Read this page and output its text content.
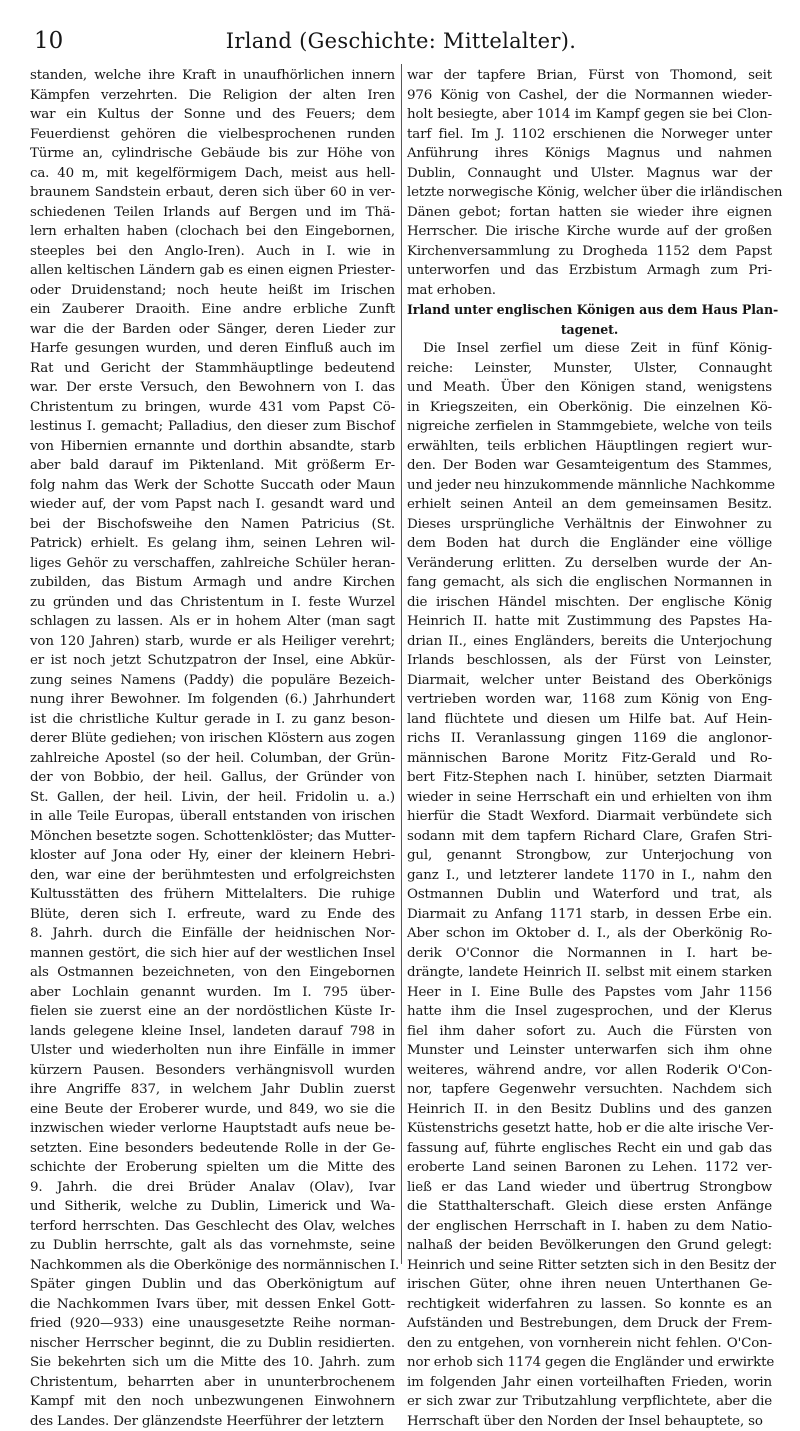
10	Irland (Geschichte: Mittelalter).
standen, welche ihre Kraft in unaufhörlichen innern
Kämpfen verzehrten. Die Religion der alten Iren
war ein Kultus der Sonne und des Feuers; dem
Feuerdienst gehören die vielbesprochenen runden
Türme an, cylindrische Gebäude bis zur Höhe von
ca. 40 m, mit kegelförmigem Dach, meist aus hell-
braunem Sandstein erbaut, deren sich über 60 in ver-
schiedenen Teilen Irlands auf Bergen und im Thä-
lern erhalten haben (clochach bei den Eingebornen,
steeples bei den Anglo-Iren). Auch in I. wie in
allen keltischen Ländern gab es einen eignen Priester-
oder Druidenstand; noch heute heißt im Irischen
ein Zauberer Draoith. Eine andre erbliche Zunft
war die der Barden oder Sänger, deren Lieder zur
Harfe gesungen wurden, und deren Einfluß auch im
Rat und Gericht der Stammhäuptlinge bedeutend
war. Der erste Versuch, den Bewohnern von I. das
Christentum zu bringen, wurde 431 vom Papst Cö-
lestinus I. gemacht; Palladius, den dieser zum Bischof
von Hibernien ernannte und dorthin absandte, starb
aber bald darauf im Piktenland. Mit größerm Er-
folg nahm das Werk der Schotte Succath oder Maun
wieder auf, der vom Papst nach I. gesandt ward und
bei der Bischofsweihe den Namen Patricius (St.
Patrick) erhielt. Es gelang ihm, seinen Lehren wil-
liges Gehör zu verschaffen, zahlreiche Schüler heran-
zubilden, das Bistum Armagh und andre Kirchen
zu gründen und das Christentum in I. feste Wurzel
schlagen zu lassen. Als er in hohem Alter (man sagt
von 120 Jahren) starb, wurde er als Heiliger verehrt;
er ist noch jetzt Schutzpatron der Insel, eine Abkür-
zung seines Namens (Paddy) die populäre Bezeich-
nung ihrer Bewohner. Im folgenden (6.) Jahrhundert
ist die christliche Kultur gerade in I. zu ganz beson-
derer Blüte gediehen; von irischen Klöstern aus zogen
zahlreiche Apostel (so der heil. Columban, der Grün-
der von Bobbio, der heil. Gallus, der Gründer von
St. Gallen, der heil. Livin, der heil. Fridolin u. a.)
in alle Teile Europas, überall entstanden von irischen
Mönchen besetzte sogen. Schottenklöster; das Mutter-
kloster auf Jona oder Hy, einer der kleinern Hebri-
den, war eine der berühmtesten und erfolgreichsten
Kultusstätten des frühern Mittelalters. Die ruhige
Blüte, deren sich I. erfreute, ward zu Ende des
8. Jahrh. durch die Einfälle der heidnischen Nor-
mannen gestört, die sich hier auf der westlichen Insel
als Ostmannen bezeichneten, von den Eingebornen
aber Lochlain genannt wurden. Im I. 795 über-
fielen sie zuerst eine an der nordöstlichen Küste Ir-
lands gelegene kleine Insel, landeten darauf 798 in
Ulster und wiederholten nun ihre Einfälle in immer
kürzern Pausen. Besonders verhängnisvoll wurden
ihre Angriffe 837, in welchem Jahr Dublin zuerst
eine Beute der Eroberer wurde, und 849, wo sie die
inzwischen wieder verlorne Hauptstadt aufs neue be-
setzten. Eine besonders bedeutende Rolle in der Ge-
schichte der Eroberung spielten um die Mitte des
9. Jahrh. die drei Brüder Analav (Olav), Ivar
und Sitherik, welche zu Dublin, Limerick und Wa-
terford herrschten. Das Geschlecht des Olav, welches
zu Dublin herrschte, galt als das vornehmste, seine
Nachkommen als die Oberkönige des normännischen I.
Später gingen Dublin und das Oberkönigtum auf
die Nachkommen Ivars über, mit dessen Enkel Gott-
fried (920—933) eine unausgesetzte Reihe norman-
nischer Herrscher beginnt, die zu Dublin residierten.
Sie bekehrten sich um die Mitte des 10. Jahrh. zum
Christentum, beharrten aber in ununterbrochenem
Kampf mit den noch unbezwungenen Einwohnern
des Landes. Der glänzendste Heerführer der letztern
war der tapfere Brian, Fürst von Thomond, seit
976 König von Cashel, der die Normannen wieder-
holt besiegte, aber 1014 im Kampf gegen sie bei Clon-
tarf fiel. Im J. 1102 erschienen die Norweger unter
Anführung ihres Königs Magnus und nahmen
Dublin, Connaught und Ulster. Magnus war der
letzte norwegische König, welcher über die irländischen
Dänen gebot; fortan hatten sie wieder ihre eignen
Herrscher. Die irische Kirche wurde auf der großen
Kirchenversammlung zu Drogheda 1152 dem Papst
unterworfen und das Erzbistum Armagh zum Pri-
mat erhoben.
Irland unter englischen Königen aus dem Haus Plan-
tagenet.
Die Insel zerfiel um diese Zeit in fünf König-
reiche: Leinster, Munster, Ulster, Connaught
und Meath. Über den Königen stand, wenigstens
in Kriegszeiten, ein Oberkönig. Die einzelnen Kö-
nigreiche zerfielen in Stammgebiete, welche von teils
erwählten, teils erblichen Häuptlingen regiert wur-
den. Der Boden war Gesamteigentum des Stammes,
und jeder neu hinzukommende männliche Nachkomme
erhielt seinen Anteil an dem gemeinsamen Besitz.
Dieses ursprüngliche Verhältnis der Einwohner zu
dem Boden hat durch die Engländer eine völlige
Veränderung erlitten. Zu derselben wurde der An-
fang gemacht, als sich die englischen Normannen in
die irischen Händel mischten. Der englische König
Heinrich II. hatte mit Zustimmung des Papstes Ha-
drian II., eines Engländers, bereits die Unterjochung
Irlands beschlossen, als der Fürst von Leinster,
Diarmait, welcher unter Beistand des Oberkönigs
vertrieben worden war, 1168 zum König von Eng-
land flüchtete und diesen um Hilfe bat. Auf Hein-
richs II. Veranlassung gingen 1169 die anglonor-
männischen Barone Moritz Fitz-Gerald und Ro-
bert Fitz-Stephen nach I. hinüber, setzten Diarmait
wieder in seine Herrschaft ein und erhielten von ihm
hierfür die Stadt Wexford. Diarmait verbündete sich
sodann mit dem tapfern Richard Clare, Grafen Stri-
gul, genannt Strongbow, zur Unterjochung von
ganz I., und letzterer landete 1170 in I., nahm den
Ostmannen Dublin und Waterford und trat, als
Diarmait zu Anfang 1171 starb, in dessen Erbe ein.
Aber schon im Oktober d. I., als der Oberkönig Ro-
derik O'Connor die Normannen in I. hart be-
drängte, landete Heinrich II. selbst mit einem starken
Heer in I. Eine Bulle des Papstes vom Jahr 1156
hatte ihm die Insel zugesprochen, und der Klerus
fiel ihm daher sofort zu. Auch die Fürsten von
Munster und Leinster unterwarfen sich ihm ohne
weiteres, während andre, vor allen Roderik O'Con-
nor, tapfere Gegenwehr versuchten. Nachdem sich
Heinrich II. in den Besitz Dublins und des ganzen
Küstenstrichs gesetzt hatte, hob er die alte irische Ver-
fassung auf, führte englisches Recht ein und gab das
eroberte Land seinen Baronen zu Lehen. 1172 ver-
ließ er das Land wieder und übertrug Strongbow
die Statthalterschaft. Gleich diese ersten Anfänge
der englischen Herrschaft in I. haben zu dem Natio-
nalhaß der beiden Bevölkerungen den Grund gelegt:
Heinrich und seine Ritter setzten sich in den Besitz der
irischen Güter, ohne ihren neuen Unterthanen Ge-
rechtigkeit widerfahren zu lassen. So konnte es an
Aufständen und Bestrebungen, dem Druck der Frem-
den zu entgehen, von vornherein nicht fehlen. O'Con-
nor erhob sich 1174 gegen die Engländer und erwirkte
im folgenden Jahr einen vorteilhaften Frieden, worin
er sich zwar zur Tributzahlung verpflichtete, aber die
Herrschaft über den Norden der Insel behauptete, so
